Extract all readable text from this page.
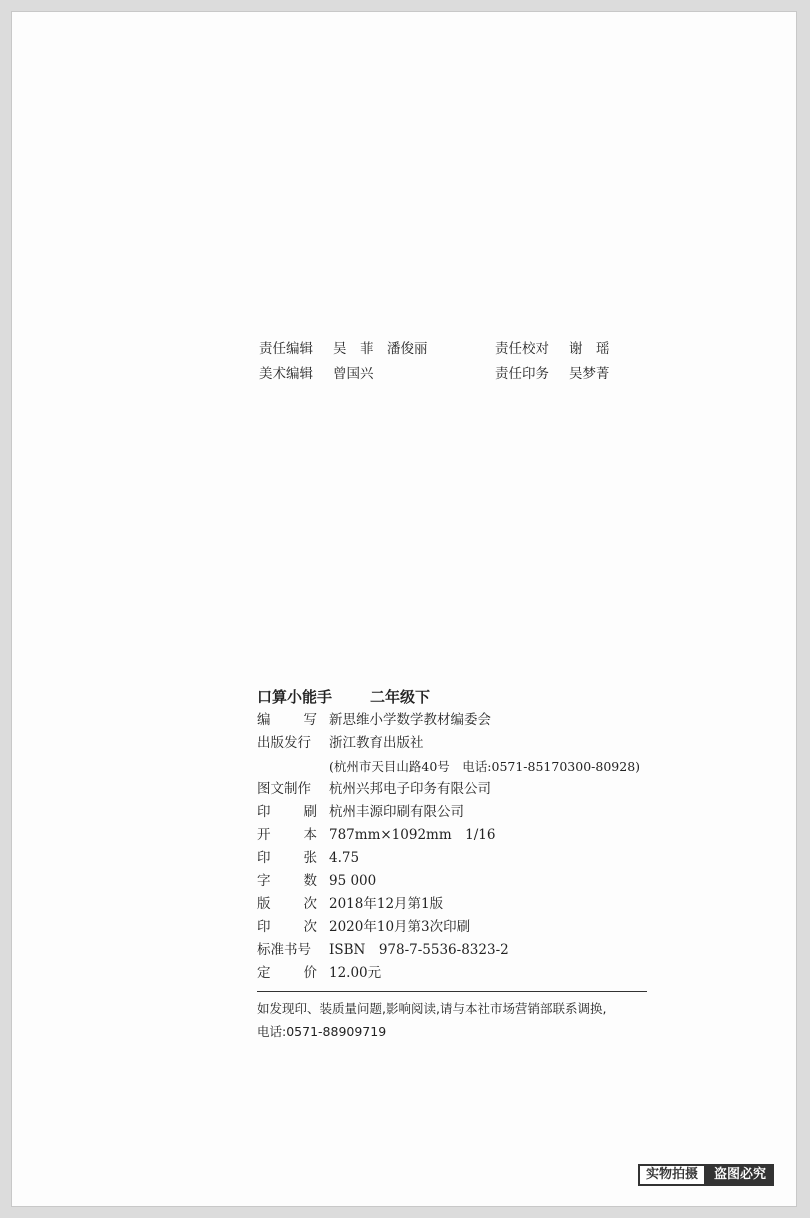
责任编辑 吴　菲　潘俊丽
美术编辑 曾国兴
责任校对 谢　瑶
责任印务 吴梦菁
口算小能手	二年级下
编 写 新思维小学数学教材编委会
出版发行 浙江教育出版社
(杭州市天目山路40号　电话:0571-85170300-80928)
图文制作 杭州兴邦电子印务有限公司
印 刷 杭州丰源印刷有限公司
开 本 787mm×1092mm　1/16
印 张 4.75
字 数 95 000
版 次 2018年12月第1版
印 次 2020年10月第3次印刷
标准书号 ISBN　978-7-5536-8323-2
定 价 12.00元
如发现印、装质量问题,影响阅读,请与本社市场营销部联系调换,
电话:0571-88909719
实物拍摄	盗图必究
